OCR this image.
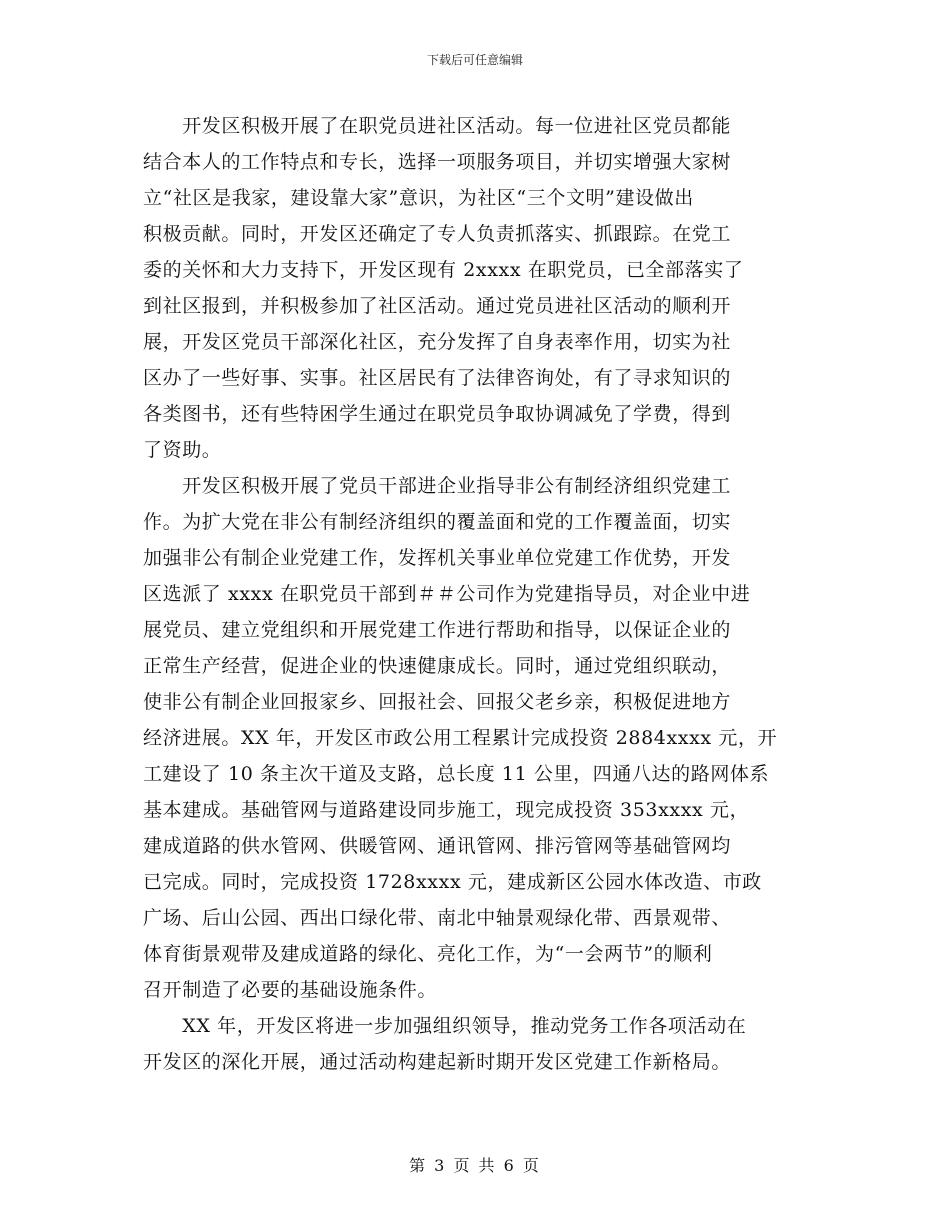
下载后可任意编辑
　　开发区积极开展了在职党员进社区活动。每一位进社区党员都能
结合本人的工作特点和专长，选择一项服务项目，并切实增强大家树
立“社区是我家，建设靠大家”意识，为社区“三个文明”建设做出
积极贡献。同时，开发区还确定了专人负责抓落实、抓跟踪。在党工
委的关怀和大力支持下，开发区现有 2xxxx 在职党员，已全部落实了
到社区报到，并积极参加了社区活动。通过党员进社区活动的顺利开
展，开发区党员干部深化社区，充分发挥了自身表率作用，切实为社
区办了一些好事、实事。社区居民有了法律咨询处，有了寻求知识的
各类图书，还有些特困学生通过在职党员争取协调减免了学费，得到
了资助。
　　开发区积极开展了党员干部进企业指导非公有制经济组织党建工
作。为扩大党在非公有制经济组织的覆盖面和党的工作覆盖面，切实
加强非公有制企业党建工作，发挥机关事业单位党建工作优势，开发
区选派了 xxxx 在职党员干部到＃＃公司作为党建指导员，对企业中进
展党员、建立党组织和开展党建工作进行帮助和指导，以保证企业的
正常生产经营，促进企业的快速健康成长。同时，通过党组织联动，
使非公有制企业回报家乡、回报社会、回报父老乡亲，积极促进地方
经济进展。XX 年，开发区市政公用工程累计完成投资 2884xxxx 元，开
工建设了 10 条主次干道及支路，总长度 11 公里，四通八达的路网体系
基本建成。基础管网与道路建设同步施工，现完成投资 353xxxx 元，
建成道路的供水管网、供暖管网、通讯管网、排污管网等基础管网均
已完成。同时，完成投资 1728xxxx 元，建成新区公园水体改造、市政
广场、后山公园、西出口绿化带、南北中轴景观绿化带、西景观带、
体育街景观带及建成道路的绿化、亮化工作，为“一会两节”的顺利
召开制造了必要的基础设施条件。
　　XX 年，开发区将进一步加强组织领导，推动党务工作各项活动在
开发区的深化开展，通过活动构建起新时期开发区党建工作新格局。
第 3 页 共 6 页
